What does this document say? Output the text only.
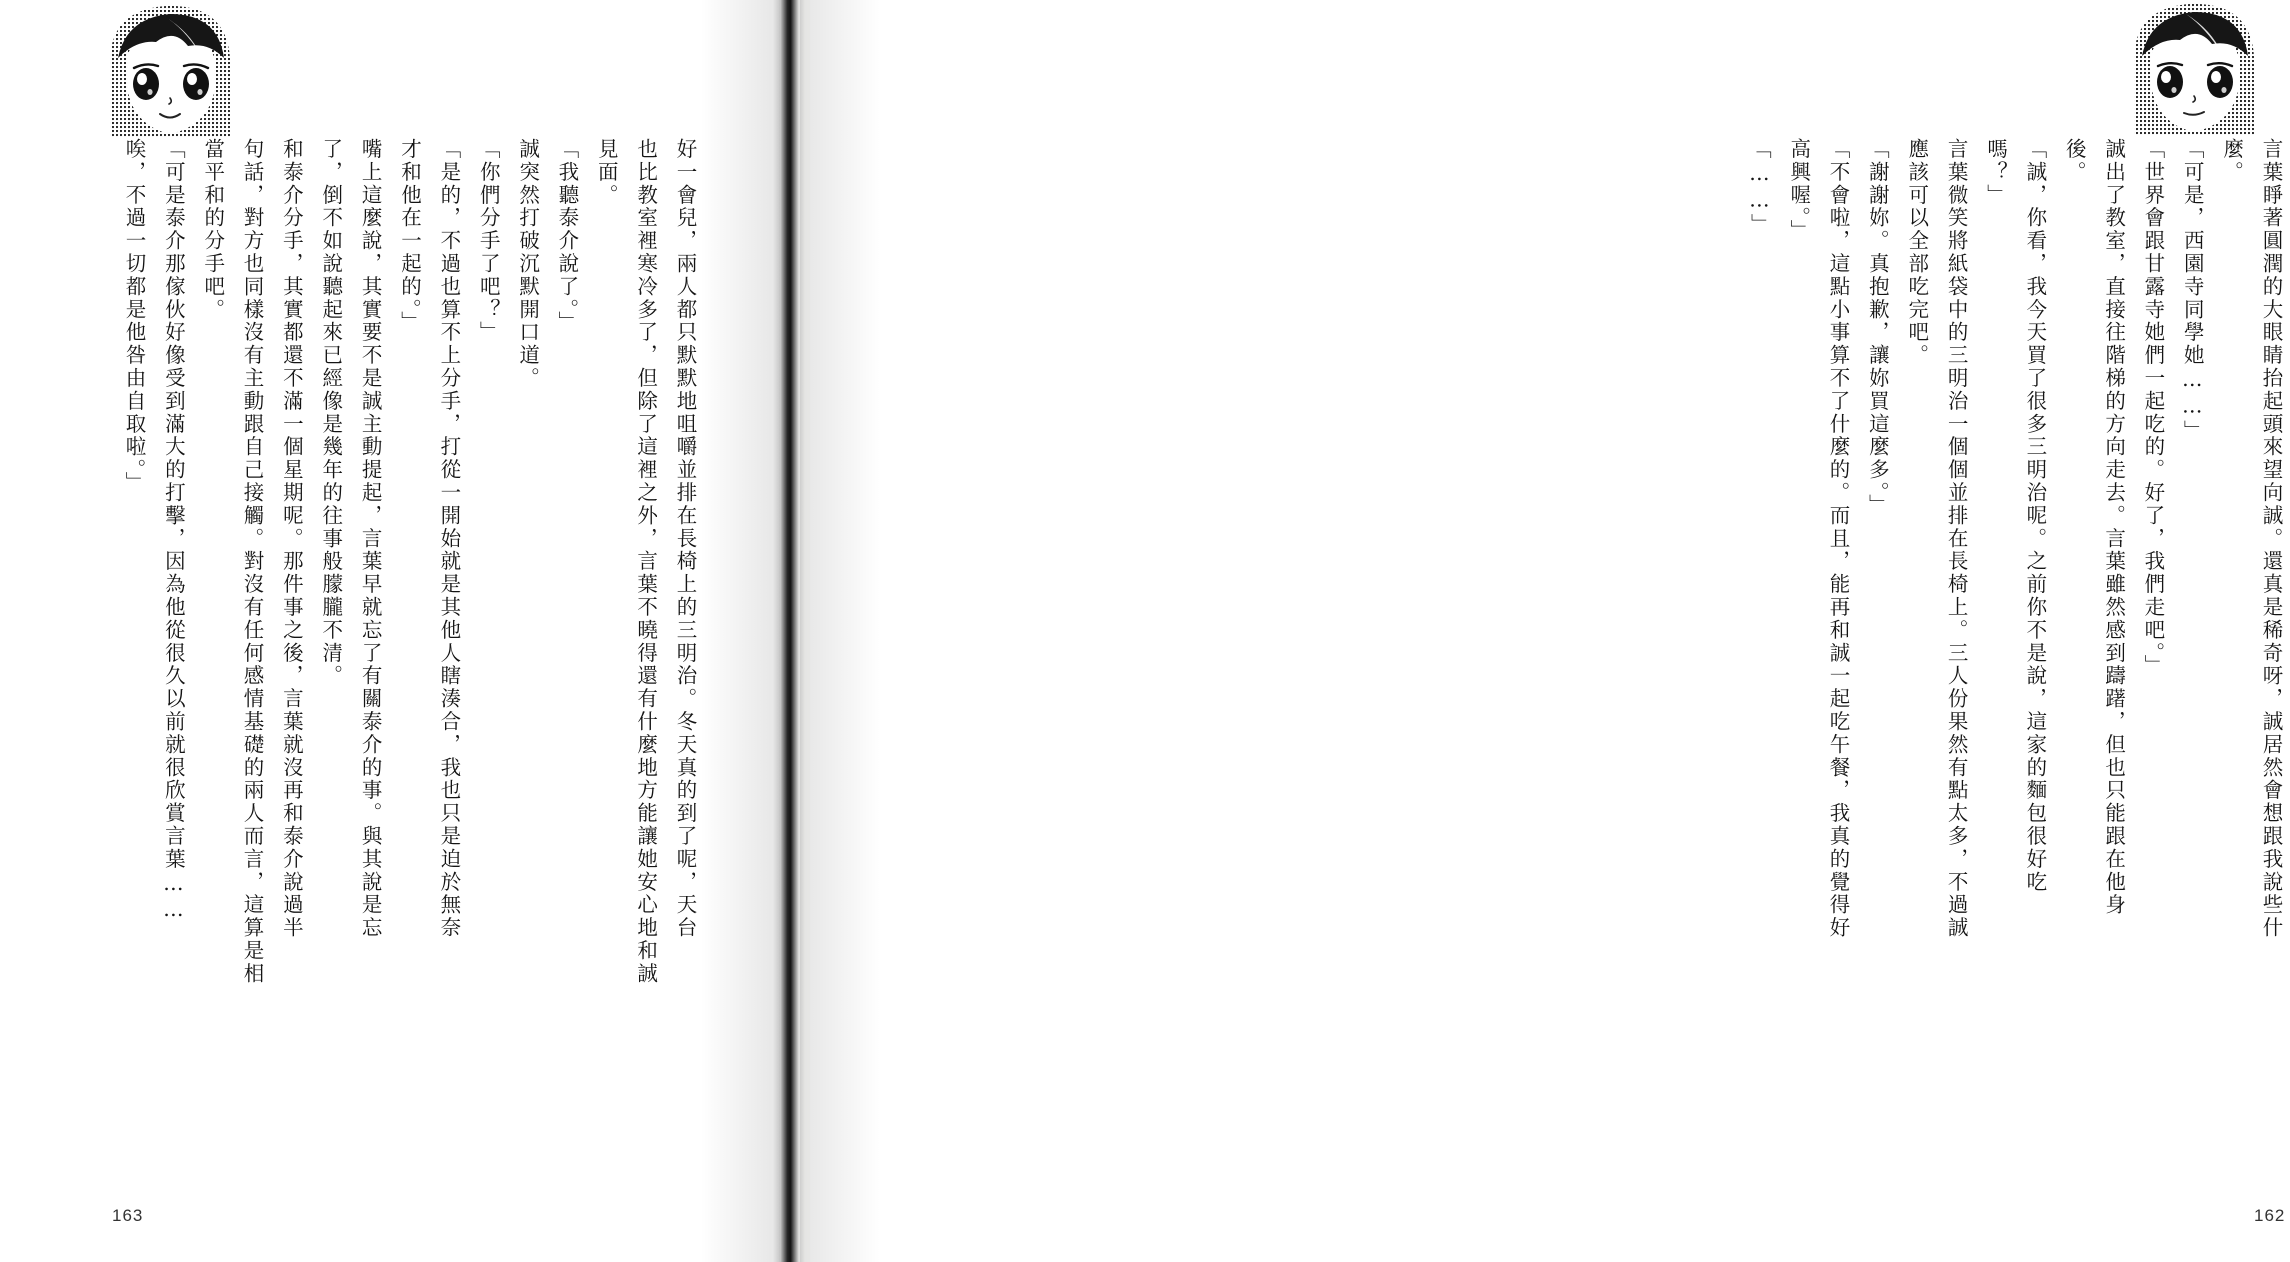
好一會兒，兩人都只默默地咀嚼並排在長椅上的三明治。冬天真的到了呢，天台
也比教室裡寒冷多了，但除了這裡之外，言葉不曉得還有什麼地方能讓她安心地和誠
見面。
「我聽泰介說了。」
誠突然打破沉默開口道。
「你們分手了吧？」
「是的，不過也算不上分手，打從一開始就是其他人瞎湊合，我也只是迫於無奈
才和他在一起的。」
嘴上這麼說，其實要不是誠主動提起，言葉早就忘了有關泰介的事。與其說是忘
了，倒不如說聽起來已經像是幾年的往事般朦朧不清。
和泰介分手，其實都還不滿一個星期呢。那件事之後，言葉就沒再和泰介說過半
句話，對方也同樣沒有主動跟自己接觸。對沒有任何感情基礎的兩人而言，這算是相
當平和的分手吧。
「可是泰介那傢伙好像受到滿大的打擊，因為他從很久以前就很欣賞言葉……
唉，不過一切都是他咎由自取啦。」
163
言葉睜著圓潤的大眼睛抬起頭來望向誠。還真是稀奇呀，誠居然會想跟我說些什
麼。
「可是，西園寺同學她……」
「世界會跟甘露寺她們一起吃的。好了，我們走吧。」
誠出了教室，直接往階梯的方向走去。言葉雖然感到躊躇，但也只能跟在他身
後。
「誠，你看，我今天買了很多三明治呢。之前你不是說，這家的麵包很好吃
嗎？」
言葉微笑將紙袋中的三明治一個個並排在長椅上。三人份果然有點太多，不過誠
應該可以全部吃完吧。
「謝謝妳。真抱歉，讓妳買這麼多。」
「不會啦，這點小事算不了什麼的。而且，能再和誠一起吃午餐，我真的覺得好
高興喔。」
「……」
162
